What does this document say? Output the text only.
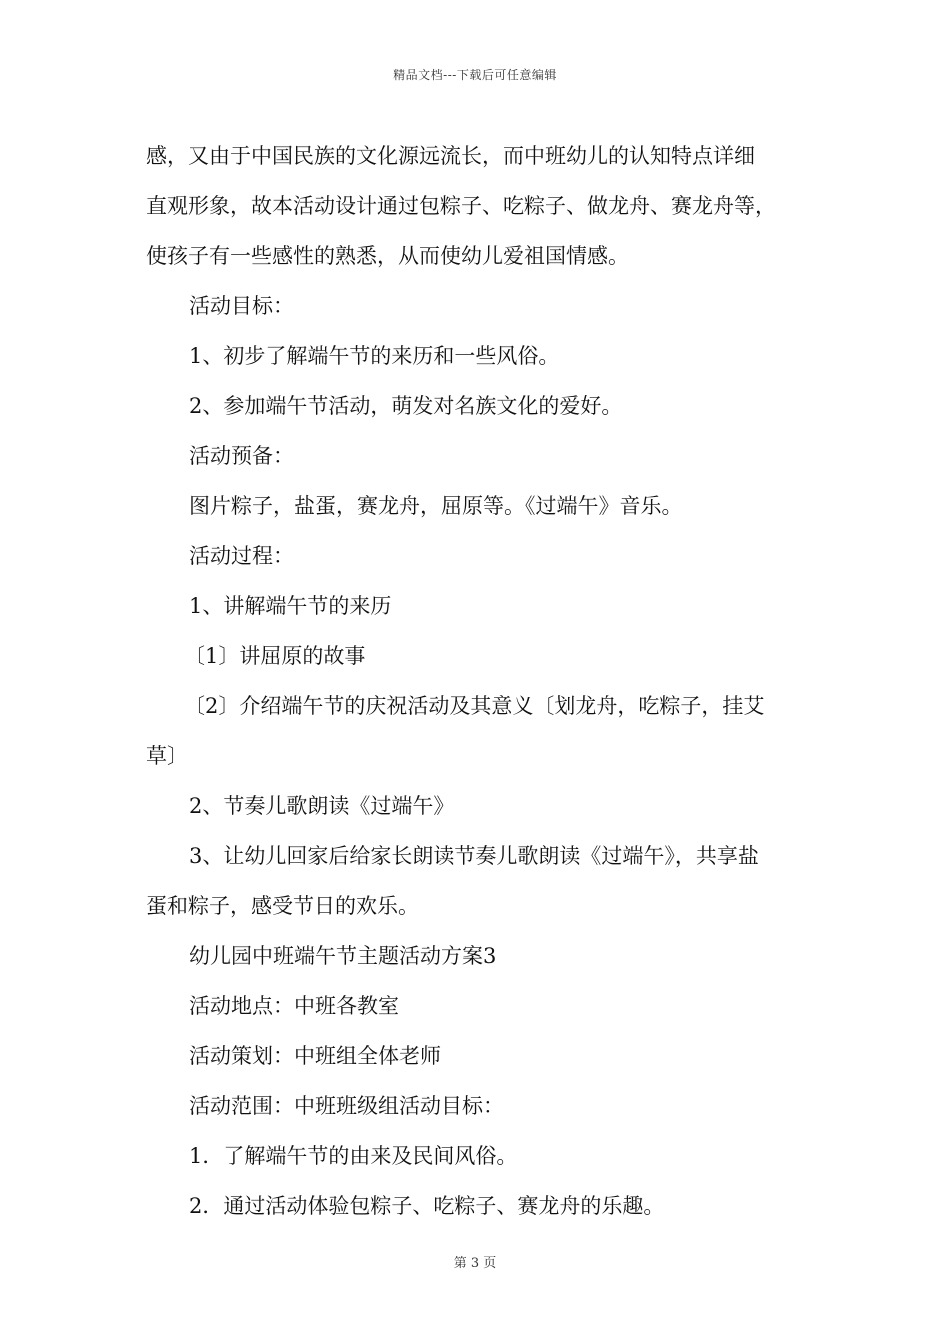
精品文档---下载后可任意编辑

感，又由于中国民族的文化源远流长，而中班幼儿的认知特点详细

直观形象，故本活动设计通过包粽子、吃粽子、做龙舟、赛龙舟等，

使孩子有一些感性的熟悉，从而使幼儿爱祖国情感。

活动目标：

1、初步了解端午节的来历和一些风俗。

2、参加端午节活动，萌发对名族文化的爱好。

活动预备：

图片粽子，盐蛋，赛龙舟，屈原等。《过端午》音乐。

活动过程：

1、讲解端午节的来历

〔1〕讲屈原的故事

〔2〕介绍端午节的庆祝活动及其意义〔划龙舟，吃粽子，挂艾

草〕

2、节奏儿歌朗读《过端午》

3、让幼儿回家后给家长朗读节奏儿歌朗读《过端午》，共享盐

蛋和粽子，感受节日的欢乐。

幼儿园中班端午节主题活动方案3

活动地点：中班各教室

活动策划：中班组全体老师

活动范围：中班班级组活动目标：

1．了解端午节的由来及民间风俗。

2．通过活动体验包粽子、吃粽子、赛龙舟的乐趣。

第 3 页
